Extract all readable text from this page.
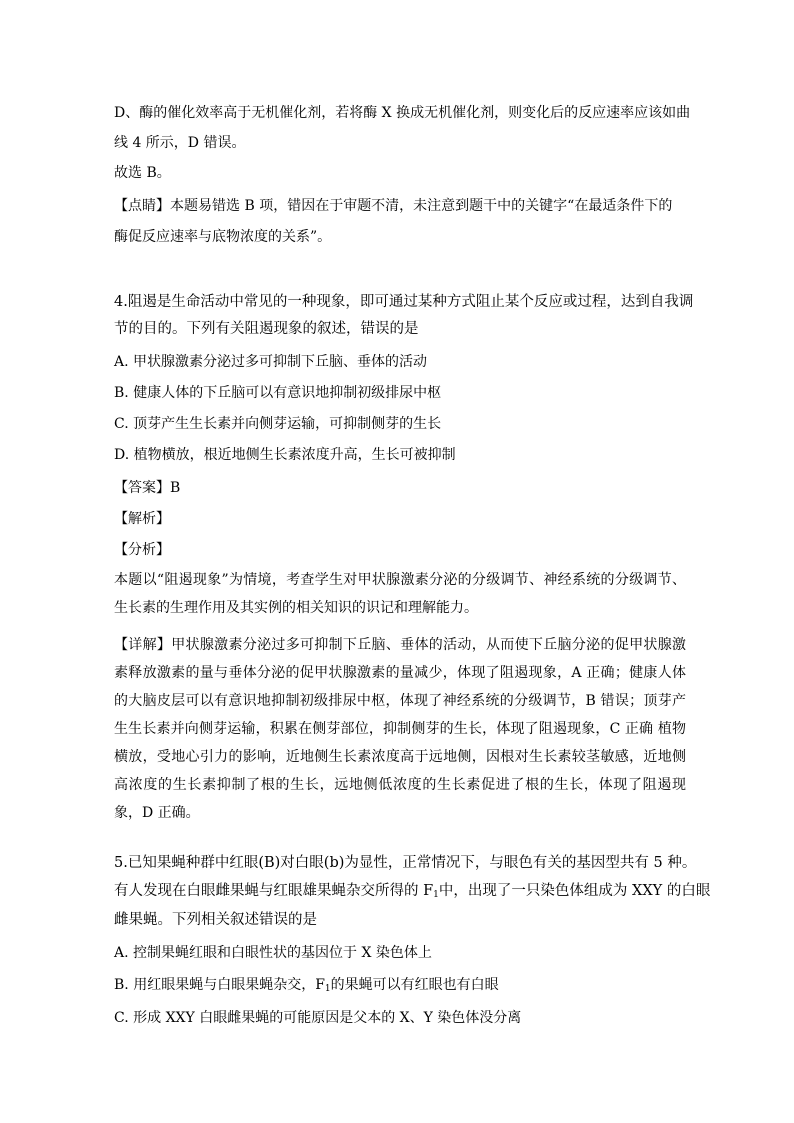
D、酶的催化效率高于无机催化剂，若将酶 X 换成无机催化剂，则变化后的反应速率应该如曲
线 4 所示，D 错误。
故选 B。
【点睛】本题易错选 B 项，错因在于审题不清，未注意到题干中的关键字“在最适条件下的
酶促反应速率与底物浓度的关系”。
4.阻遏是生命活动中常见的一种现象，即可通过某种方式阻止某个反应或过程，达到自我调
节的目的。下列有关阻遏现象的叙述，错误的是
A. 甲状腺激素分泌过多可抑制下丘脑、垂体的活动
B. 健康人体的下丘脑可以有意识地抑制初级排尿中枢
C. 顶芽产生生长素并向侧芽运输，可抑制侧芽的生长
D. 植物横放，根近地侧生长素浓度升高，生长可被抑制
【答案】B
【解析】
【分析】
本题以“阻遏现象”为情境，考查学生对甲状腺激素分泌的分级调节、神经系统的分级调节、生长素的生理作用及其实例的相关知识的识记和理解能力。
【详解】甲状腺激素分泌过多可抑制下丘脑、垂体的活动，从而使下丘脑分泌的促甲状腺激素释放激素的量与垂体分泌的促甲状腺激素的量减少，体现了阻遏现象，A 正确；健康人体的大脑皮层可以有意识地抑制初级排尿中枢，体现了神经系统的分级调节，B 错误；顶芽产生生长素并向侧芽运输，积累在侧芽部位，抑制侧芽的生长，体现了阻遏现象，C 正确 植物横放，受地心引力的影响，近地侧生长素浓度高于远地侧，因根对生长素较茎敏感，近地侧高浓度的生长素抑制了根的生长，远地侧低浓度的生长素促进了根的生长，体现了阻遏现象，D 正确。
5.已知果蝇种群中红眼(B)对白眼(b)为显性，正常情况下，与眼色有关的基因型共有 5 种。
有人发现在白眼雌果蝇与红眼雄果蝇杂交所得的 $F_1$中，出现了一只染色体组成为 XXY 的白眼
雌果蝇。下列相关叙述错误的是
A. 控制果蝇红眼和白眼性状的基因位于 X 染色体上
B. 用红眼果蝇与白眼果蝇杂交，$F_1$的果蝇可以有红眼也有白眼
C. 形成 XXY 白眼雌果蝇的可能原因是父本的 X、Y 染色体没分离
